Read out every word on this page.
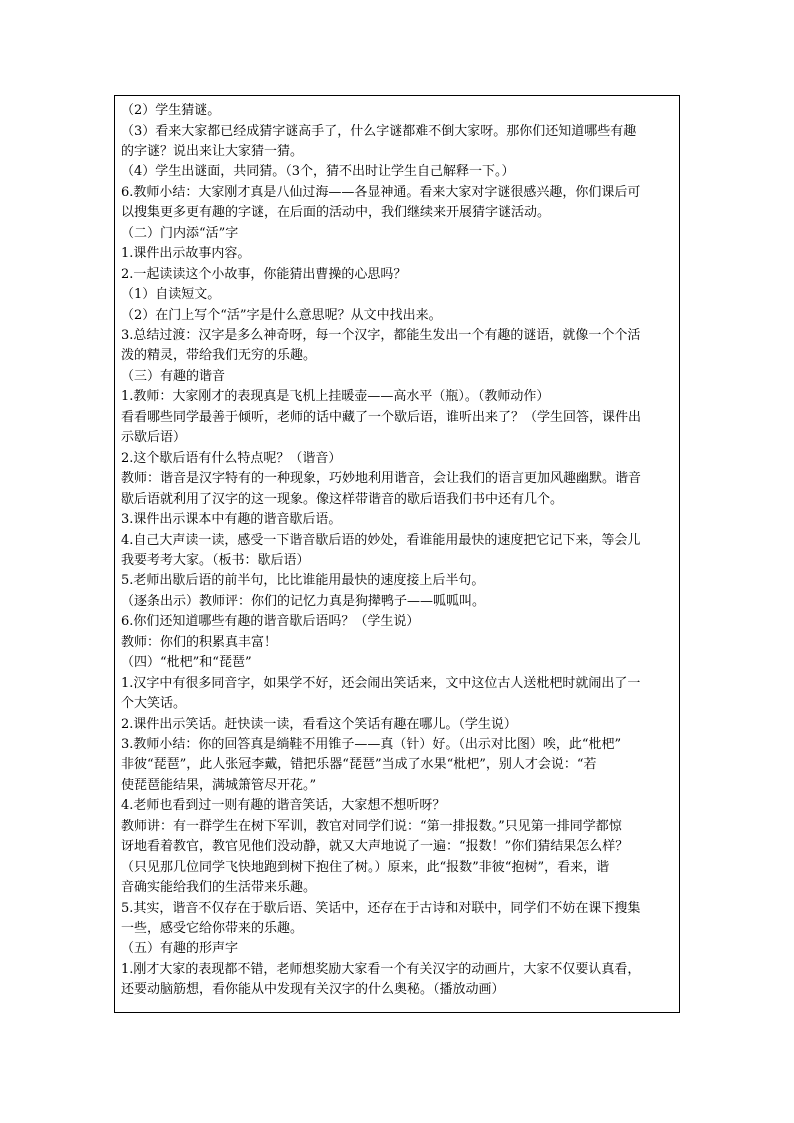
（2）学生猜谜。
（3）看来大家都已经成猜字谜高手了，什么字谜都难不倒大家呀。那你们还知道哪些有趣
的字谜？说出来让大家猜一猜。
（4）学生出谜面，共同猜。（3个，猜不出时让学生自己解释一下。）
6.教师小结：大家刚才真是八仙过海——各显神通。看来大家对字谜很感兴趣，你们课后可
以搜集更多更有趣的字谜，在后面的活动中，我们继续来开展猜字谜活动。
（二）门内添“活”字
1.课件出示故事内容。
2.一起读读这个小故事，你能猜出曹操的心思吗？
（1）自读短文。
（2）在门上写个“活”字是什么意思呢？从文中找出来。
3.总结过渡：汉字是多么神奇呀，每一个汉字，都能生发出一个有趣的谜语，就像一个个活
泼的精灵，带给我们无穷的乐趣。
（三）有趣的谐音
1.教师：大家刚才的表现真是飞机上挂暖壶——高水平（瓶）。（教师动作）
看看哪些同学最善于倾听，老师的话中藏了一个歇后语，谁听出来了？（学生回答，课件出
示歇后语）
2.这个歇后语有什么特点呢？（谐音）
教师：谐音是汉字特有的一种现象，巧妙地利用谐音，会让我们的语言更加风趣幽默。谐音
歇后语就利用了汉字的这一现象。像这样带谐音的歇后语我们书中还有几个。
3.课件出示课本中有趣的谐音歇后语。
4.自己大声读一读，感受一下谐音歇后语的妙处，看谁能用最快的速度把它记下来，等会儿
我要考考大家。（板书：歇后语）
5.老师出歇后语的前半句，比比谁能用最快的速度接上后半句。
（逐条出示）教师评：你们的记忆力真是狗撵鸭子——呱呱叫。
6.你们还知道哪些有趣的谐音歇后语吗？（学生说）
教师：你们的积累真丰富！
（四）“枇杷”和“琵琶”
1.汉字中有很多同音字，如果学不好，还会闹出笑话来，文中这位古人送枇杷时就闹出了一
个大笑话。
2.课件出示笑话。赶快读一读，看看这个笑话有趣在哪儿。（学生说）
3.教师小结：你的回答真是绱鞋不用锥子——真（针）好。（出示对比图）唉，此“枇杷”
非彼“琵琶”，此人张冠李戴，错把乐器“琵琶”当成了水果“枇杷”，别人才会说：“若
使琵琶能结果，满城箫管尽开花。”
4.老师也看到过一则有趣的谐音笑话，大家想不想听呀？
教师讲：有一群学生在树下军训，教官对同学们说：“第一排报数。”只见第一排同学都惊
讶地看着教官，教官见他们没动静，就又大声地说了一遍：“报数！”你们猜结果怎么样？
（只见那几位同学飞快地跑到树下抱住了树。）原来，此“报数”非彼“抱树”，看来，谐
音确实能给我们的生活带来乐趣。
5.其实，谐音不仅存在于歇后语、笑话中，还存在于古诗和对联中，同学们不妨在课下搜集
一些，感受它给你带来的乐趣。
（五）有趣的形声字
1.刚才大家的表现都不错，老师想奖励大家看一个有关汉字的动画片，大家不仅要认真看，
还要动脑筋想，看你能从中发现有关汉字的什么奥秘。（播放动画）
